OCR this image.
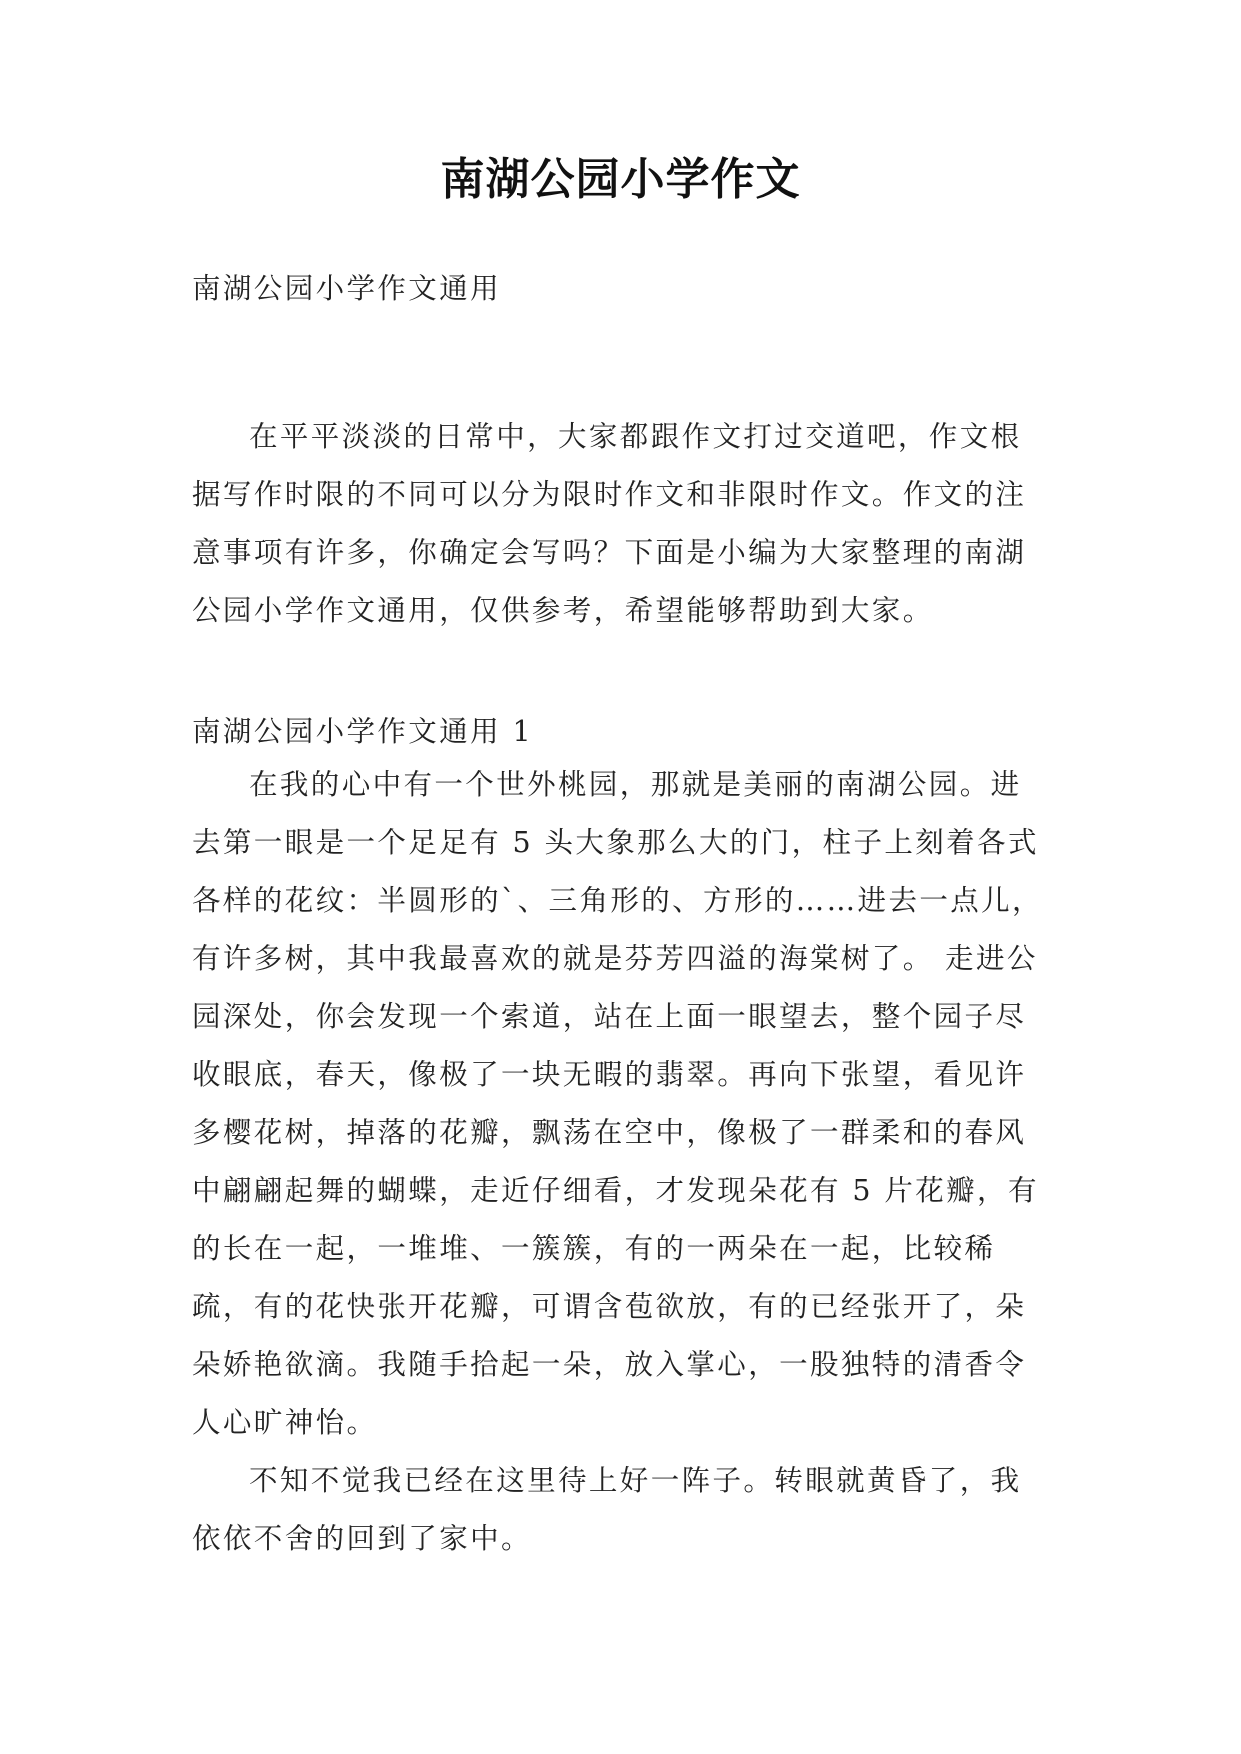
南湖公园小学作文
南湖公园小学作文通用
在平平淡淡的日常中，大家都跟作文打过交道吧，作文根据写作时限的不同可以分为限时作文和非限时作文。作文的注意事项有许多，你确定会写吗？下面是小编为大家整理的南湖公园小学作文通用，仅供参考，希望能够帮助到大家。
南湖公园小学作文通用 1
在我的心中有一个世外桃园，那就是美丽的南湖公园。进去第一眼是一个足足有 5 头大象那么大的门，柱子上刻着各式各样的花纹：半圆形的`、三角形的、方形的……进去一点儿，有许多树，其中我最喜欢的就是芬芳四溢的海棠树了。 走进公园深处，你会发现一个索道，站在上面一眼望去，整个园子尽收眼底，春天，像极了一块无暇的翡翠。再向下张望，看见许多樱花树，掉落的花瓣，飘荡在空中，像极了一群柔和的春风中翩翩起舞的蝴蝶，走近仔细看，才发现朵花有 5 片花瓣，有的长在一起，一堆堆、一簇簇，有的一两朵在一起，比较稀疏，有的花快张开花瓣，可谓含苞欲放，有的已经张开了，朵朵娇艳欲滴。我随手拾起一朵，放入掌心，一股独特的清香令人心旷神怡。
不知不觉我已经在这里待上好一阵子。转眼就黄昏了，我依依不舍的回到了家中。
